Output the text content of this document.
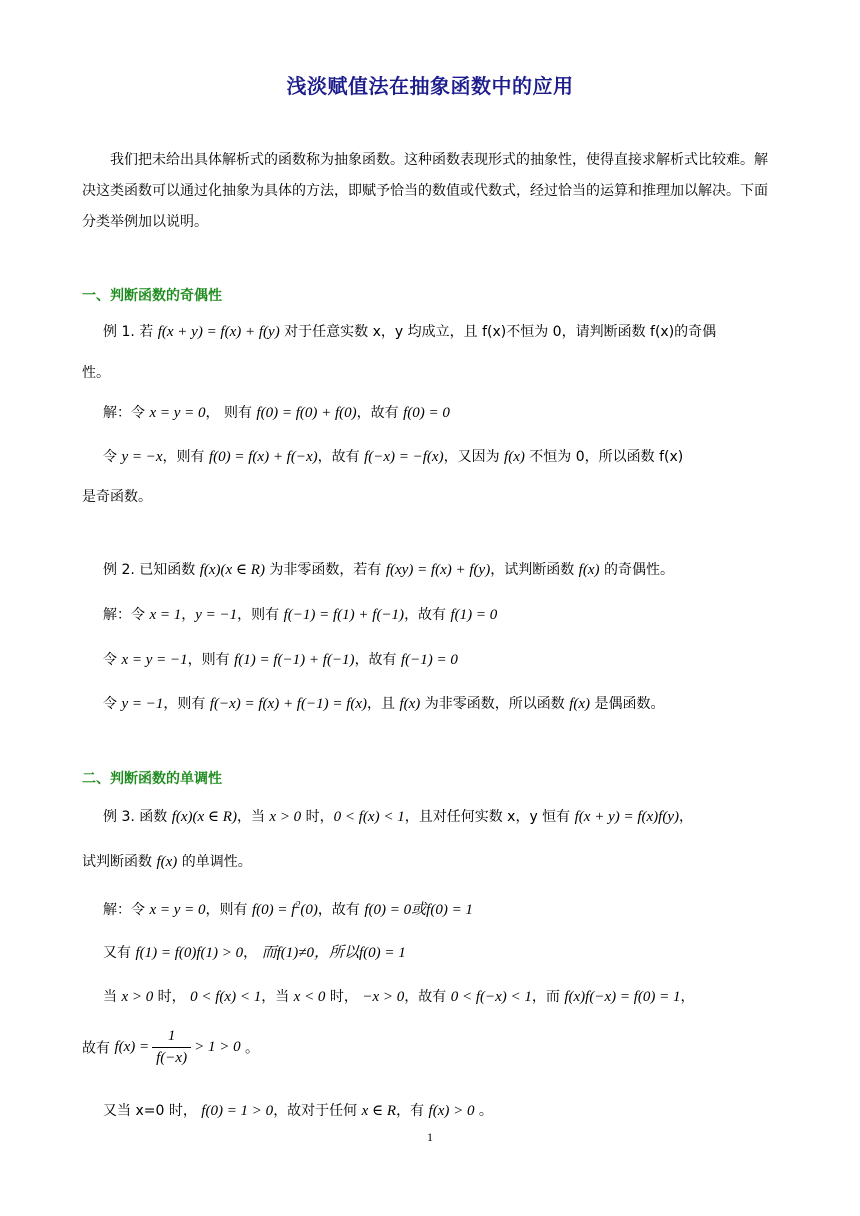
浅淡赋值法在抽象函数中的应用

我们把未给出具体解析式的函数称为抽象函数。这种函数表现形式的抽象性，使得直接求解析式比较难。解决这类函数可以通过化抽象为具体的方法，即赋予恰当的数值或代数式，经过恰当的运算和推理加以解决。下面分类举例加以说明。

一、判断函数的奇偶性
例 1. 若 f(x + y) = f(x) + f(y) 对于任意实数 x，y 均成立，且 f(x)不恒为 0，请判断函数 f(x)的奇偶
性。
解：令 x = y = 0， 则有 f(0) = f(0) + f(0)，故有 f(0) = 0
令 y = −x，则有 f(0) = f(x) + f(−x)，故有 f(−x) = −f(x)，又因为 f(x) 不恒为 0，所以函数 f(x)
是奇函数。
例 2. 已知函数 f(x)(x ∈ R) 为非零函数，若有 f(xy) = f(x) + f(y)，试判断函数 f(x) 的奇偶性。
解：令 x = 1，y = −1，则有 f(−1) = f(1) + f(−1)，故有 f(1) = 0
令 x = y = −1，则有 f(1) = f(−1) + f(−1)，故有 f(−1) = 0
令 y = −1，则有 f(−x) = f(x) + f(−1) = f(x)，且 f(x) 为非零函数，所以函数 f(x) 是偶函数。
二、判断函数的单调性
例 3. 函数 f(x)(x ∈ R)，当 x > 0 时，0 < f(x) < 1，且对任何实数 x，y 恒有 f(x + y) = f(x)f(y)，
试判断函数 f(x) 的单调性。
解：令 x = y = 0，则有 $f(0) = f^2(0)$，故有 f(0) = 0或f(0) = 1
又有 f(1) = f(0)f(1) > 0， 而f(1)≠0，所以f(0) = 1
当 x > 0 时， 0 < f(x) < 1，当 x < 0 时， −x > 0，故有 0 < f(−x) < 1，而 f(x)f(−x) = f(0) = 1，
故有 $f(x) = \frac{1}{f(-x)} > 1 > 0$ 。
又当 x=0 时， f(0) = 1 > 0，故对于任何 x ∈ R，有 f(x) > 0 。
1
